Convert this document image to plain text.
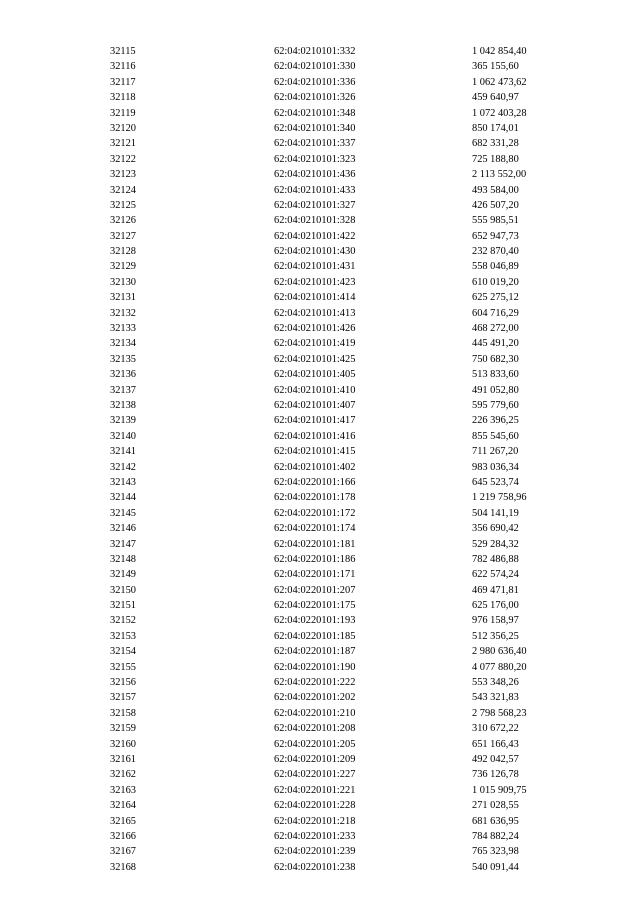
32115	62:04:0210101:332	1 042 854,40
32116	62:04:0210101:330	365 155,60
32117	62:04:0210101:336	1 062 473,62
32118	62:04:0210101:326	459 640,97
32119	62:04:0210101:348	1 072 403,28
32120	62:04:0210101:340	850 174,01
32121	62:04:0210101:337	682 331,28
32122	62:04:0210101:323	725 188,80
32123	62:04:0210101:436	2 113 552,00
32124	62:04:0210101:433	493 584,00
32125	62:04:0210101:327	426 507,20
32126	62:04:0210101:328	555 985,51
32127	62:04:0210101:422	652 947,73
32128	62:04:0210101:430	232 870,40
32129	62:04:0210101:431	558 046,89
32130	62:04:0210101:423	610 019,20
32131	62:04:0210101:414	625 275,12
32132	62:04:0210101:413	604 716,29
32133	62:04:0210101:426	468 272,00
32134	62:04:0210101:419	445 491,20
32135	62:04:0210101:425	750 682,30
32136	62:04:0210101:405	513 833,60
32137	62:04:0210101:410	491 052,80
32138	62:04:0210101:407	595 779,60
32139	62:04:0210101:417	226 396,25
32140	62:04:0210101:416	855 545,60
32141	62:04:0210101:415	711 267,20
32142	62:04:0210101:402	983 036,34
32143	62:04:0220101:166	645 523,74
32144	62:04:0220101:178	1 219 758,96
32145	62:04:0220101:172	504 141,19
32146	62:04:0220101:174	356 690,42
32147	62:04:0220101:181	529 284,32
32148	62:04:0220101:186	782 486,88
32149	62:04:0220101:171	622 574,24
32150	62:04:0220101:207	469 471,81
32151	62:04:0220101:175	625 176,00
32152	62:04:0220101:193	976 158,97
32153	62:04:0220101:185	512 356,25
32154	62:04:0220101:187	2 980 636,40
32155	62:04:0220101:190	4 077 880,20
32156	62:04:0220101:222	553 348,26
32157	62:04:0220101:202	543 321,83
32158	62:04:0220101:210	2 798 568,23
32159	62:04:0220101:208	310 672,22
32160	62:04:0220101:205	651 166,43
32161	62:04:0220101:209	492 042,57
32162	62:04:0220101:227	736 126,78
32163	62:04:0220101:221	1 015 909,75
32164	62:04:0220101:228	271 028,55
32165	62:04:0220101:218	681 636,95
32166	62:04:0220101:233	784 882,24
32167	62:04:0220101:239	765 323,98
32168	62:04:0220101:238	540 091,44
